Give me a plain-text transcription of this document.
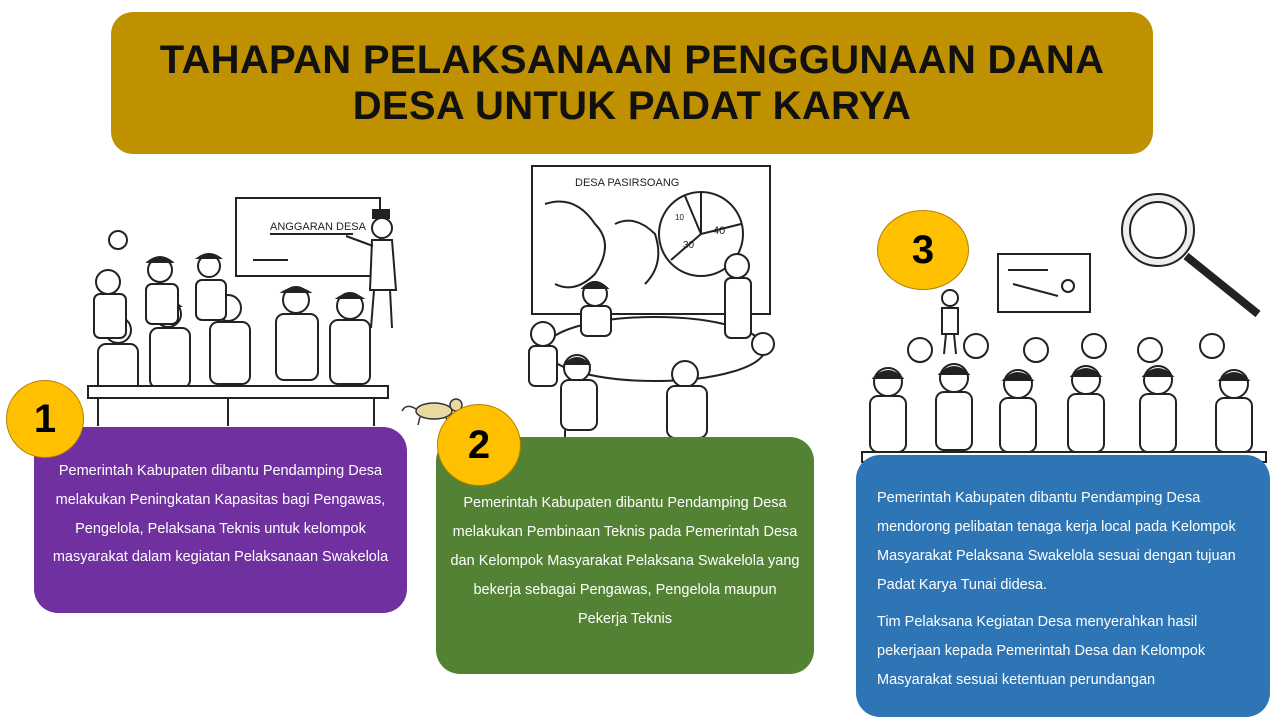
TAHAPAN PELAKSANAAN PENGGUNAAN DANA
DESA UNTUK PADAT KARYA
ANGGARAN DESA
DESA PASIRSOANG
40
30
10

Pemerintah Kabupaten dibantu Pendamping Desa melakukan Peningkatan Kapasitas bagi Pengawas, Pengelola, Pelaksana Teknis untuk kelompok masyarakat dalam kegiatan Pelaksanaan Swakelola

Pemerintah Kabupaten dibantu Pendamping Desa melakukan Pembinaan Teknis pada Pemerintah Desa dan Kelompok Masyarakat Pelaksana Swakelola yang bekerja sebagai Pengawas, Pengelola maupun Pekerja Teknis

Pemerintah Kabupaten dibantu Pendamping Desa mendorong pelibatan tenaga kerja local pada Kelompok Masyarakat Pelaksana Swakelola sesuai dengan tujuan Padat Karya Tunai didesa.

Tim Pelaksana Kegiatan Desa menyerahkan hasil pekerjaan kepada Pemerintah Desa dan Kelompok Masyarakat sesuai ketentuan perundangan

1
2
3
